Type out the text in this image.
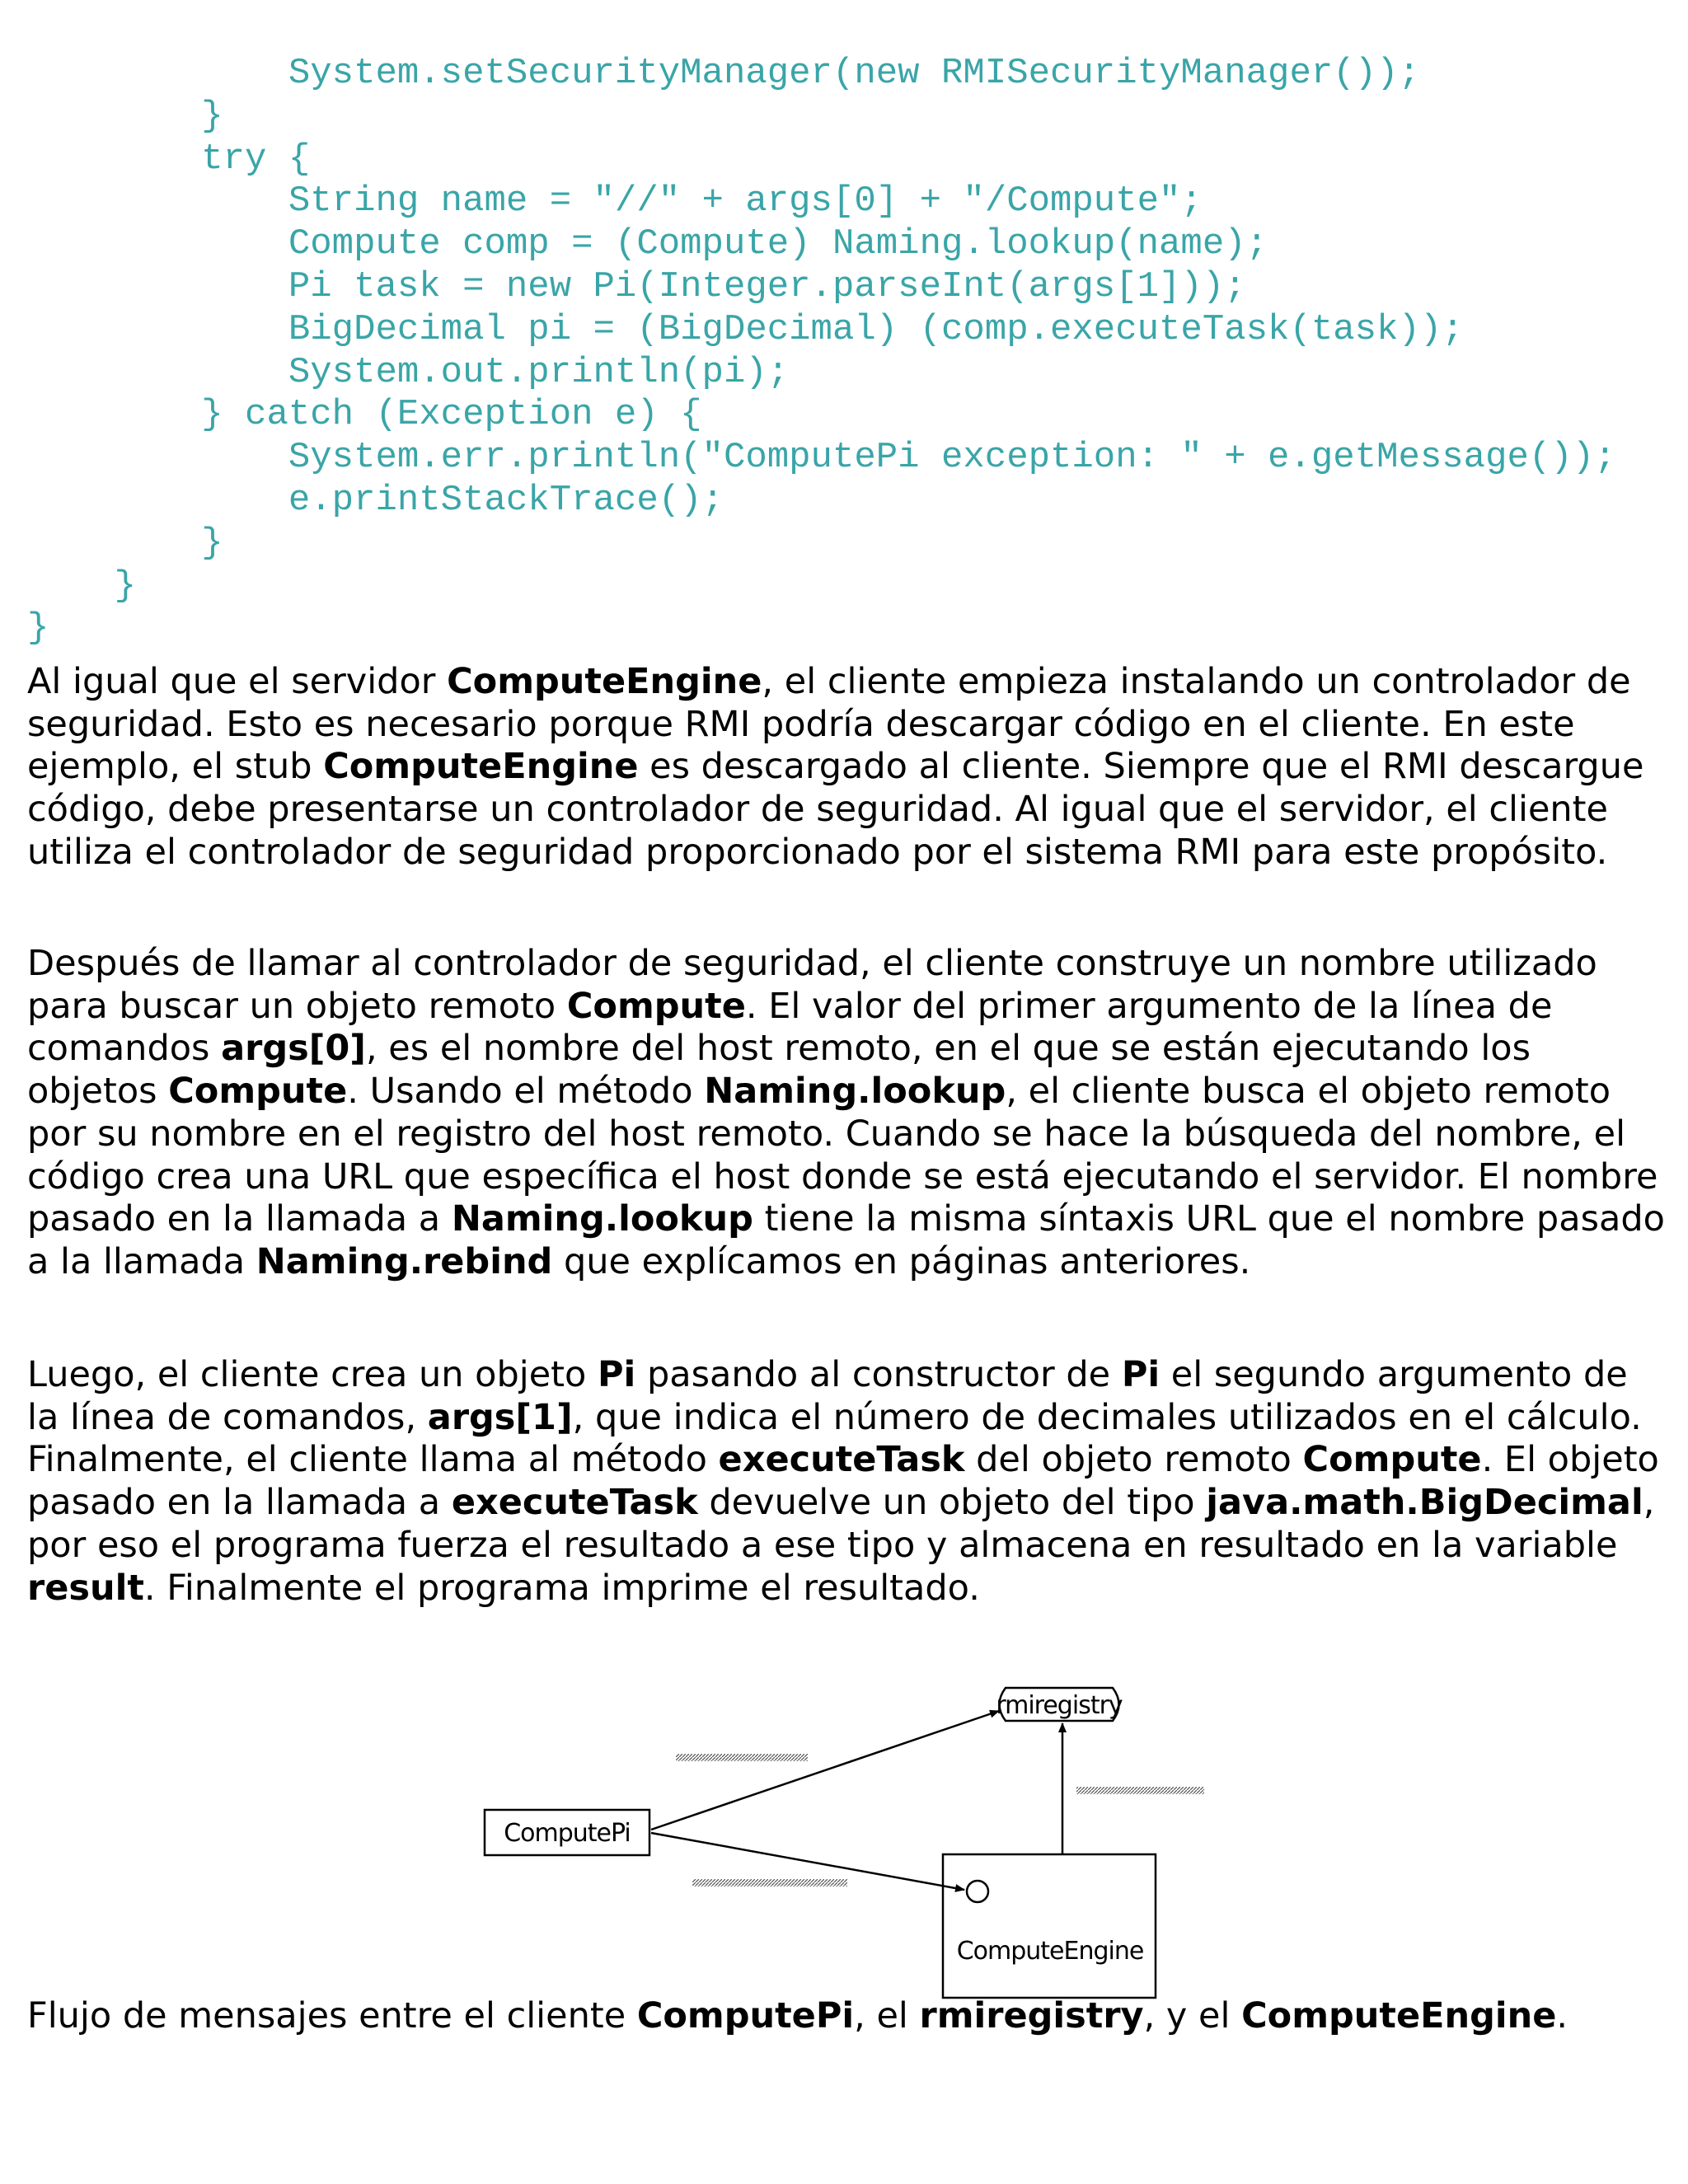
System.setSecurityManager(new RMISecurityManager());
}
try {
String name = "//" + args[0] + "/Compute";
Compute comp = (Compute) Naming.lookup(name);
Pi task = new Pi(Integer.parseInt(args[1]));
BigDecimal pi = (BigDecimal) (comp.executeTask(task));
System.out.println(pi);
} catch (Exception e) {
System.err.println("ComputePi exception: " + e.getMessage());
e.printStackTrace();
}
}
}

Al igual que el servidor ComputeEngine, el cliente empieza instalando un controlador de seguridad. Esto es necesario porque RMI podría descargar código en el cliente. En este ejemplo, el stub ComputeEngine es descargado al cliente. Siempre que el RMI descargue código, debe presentarse un controlador de seguridad. Al igual que el servidor, el cliente utiliza el controlador de seguridad proporcionado por el sistema RMI para este propósito.

Después de llamar al controlador de seguridad, el cliente construye un nombre utilizado para buscar un objeto remoto Compute. El valor del primer argumento de la línea de comandos args[0], es el nombre del host remoto, en el que se están ejecutando los objetos Compute. Usando el método Naming.lookup, el cliente busca el objeto remoto por su nombre en el registro del host remoto. Cuando se hace la búsqueda del nombre, el código crea una URL que específica el host donde se está ejecutando el servidor. El nombre pasado en la llamada a Naming.lookup tiene la misma síntaxis URL que el nombre pasado a la llamada Naming.rebind que explícamos en páginas anteriores.

Luego, el cliente crea un objeto Pi pasando al constructor de Pi el segundo argumento de la línea de comandos, args[1], que indica el número de decimales utilizados en el cálculo. Finalmente, el cliente llama al método executeTask del objeto remoto Compute. El objeto pasado en la llamada a executeTask devuelve un objeto del tipo java.math.BigDecimal, por eso el programa fuerza el resultado a ese tipo y almacena en resultado en la variable result. Finalmente el programa imprime el resultado.

ComputePi
rmiregistry
ComputeEngine
Flujo de mensajes entre el cliente ComputePi, el rmiregistry, y el ComputeEngine.
